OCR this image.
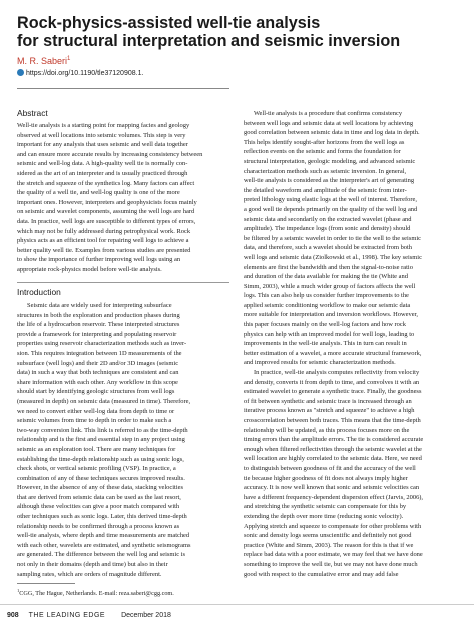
Rock-physics-assisted well-tie analysis
for structural interpretation and seismic inversion
M. R. Saberi$^1$
https://doi.org/10.1190/tle37120908.1.
Abstract
Well-tie analysis is a starting point for mapping facies and geology
observed at well locations into seismic volumes. This step is very
important for any analysis that uses seismic and well data together
and can ensure more accurate results by increasing consistency between
seismic and well-log data. A high-quality well tie is normally con-
sidered as the art of an interpreter and is usually practiced through
the stretch and squeeze of the synthetics log. Many factors can affect
the quality of a well tie, and well-log quality is one of the more
important ones. However, interpreters and geophysicists focus mainly
on seismic and wavelet components, assuming the well logs are hard
data. In practice, well logs are susceptible to different types of errors,
which may not be fully addressed during petrophysical work. Rock
physics acts as an efficient tool for repairing well logs to achieve a
better quality well tie. Examples from various studies are presented
to show the importance of further improving well logs using an
appropriate rock-physics model before well-tie analysis.
Introduction
Seismic data are widely used for interpreting subsurface
structures in both the exploration and production phases during
the life of a hydrocarbon reservoir. These interpreted structures
provide a framework for interpreting and populating reservoir
properties using reservoir characterization methods such as inver-
sion. This requires integration between 1D measurements of the
subsurface (well logs) and their 2D and/or 3D images (seismic
data) in such a way that both techniques are consistent and can
share information with each other. Any workflow in this scope
should start by identifying geologic structures from well logs
(measured in depth) on seismic data (measured in time). Therefore,
we need to convert either well-log data from depth to time or
seismic volumes from time to depth in order to make such a
two-way conversion link. This link is referred to as the time-depth
relationship and is the first and essential step in any project using
seismic as an exploration tool. There are many techniques for
establishing the time-depth relationship such as using sonic logs,
check shots, or vertical seismic profiling (VSP). In practice, a
combination of any of these techniques secures improved results.
However, in the absence of any of these data, stacking velocities
that are derived from seismic data can be used as the last resort,
although these velocities can give a poor match compared with
other techniques such as sonic logs. Later, this derived time-depth
relationship needs to be confirmed through a process known as
well-tie analysis, where depth and time measurements are matched
with each other, wavelets are estimated, and synthetic seismograms
are generated. The difference between the well log and seismic is
not only in their domains (depth and time) but also in their
sampling rates, which are orders of magnitude different.
Well-tie analysis is a procedure that confirms consistency
between well logs and seismic data at well locations by achieving
good correlation between seismic data in time and log data in depth.
This helps identify sought-after horizons from the well logs as
reflection events on the seismic and forms the foundation for
structural interpretation, geologic modeling, and advanced seismic
characterization methods such as seismic inversion. In general,
well-tie analysis is considered as the interpreter's art of generating
the detailed waveform and amplitude of the seismic from inter-
preted lithology using elastic logs at the well of interest. Therefore,
a good well tie depends primarily on the quality of the well log and
seismic data and secondarily on the extracted wavelet (phase and
amplitude). The impedance logs (from sonic and density) should
be filtered by a seismic wavelet in order to tie the well to the seismic
data, and therefore, such a wavelet should be extracted from both
well logs and seismic data (Ziolkowski et al., 1998). The key seismic
elements are first the bandwidth and then the signal-to-noise ratio
and duration of the data available for making the tie (White and
Simm, 2003), while a much wider group of factors affects the well
logs. This can also help us consider further improvements to the
applied seismic conditioning workflow to make our seismic data
more suitable for interpretation and inversion workflows. However,
this paper focuses mainly on the well-log factors and how rock
physics can help with an improved model for well logs, leading to
improvements in the well-tie analysis. This in turn can result in
better estimation of a wavelet, a more accurate structural framework,
and improved results for seismic characterization methods.
In practice, well-tie analysis computes reflectivity from velocity
and density, converts it from depth to time, and convolves it with an
estimated wavelet to generate a synthetic trace. Finally, the goodness
of fit between synthetic and seismic trace is increased through an
iterative process known as "stretch and squeeze" to achieve a high
crosscorrelation between both traces. This means that the time-depth
relationship will be updated, as this process focuses more on the
timing errors than the amplitude errors. The tie is considered accurate
enough when filtered reflectivities through the seismic wavelet at the
well location are highly correlated to the seismic data. Here, we need
to distinguish between goodness of fit and the accuracy of the well
tie because higher goodness of fit does not always imply higher
accuracy. It is now well known that sonic and seismic velocities can
have a different frequency-dependent dispersion effect (Jarvis, 2006),
and stretching the synthetic seismic can compensate for this by
extending the depth over more time (reducing sonic velocity).
Applying stretch and squeeze to compensate for other problems with
sonic and density logs seems unscientific and definitely not good
practice (White and Simm, 2003). The reason for this is that if we
replace bad data with a poor estimate, we may feel that we have done
something to improve the well tie, but we may not have done much
good with respect to the cumulative error and may add false
$^1$CGG, The Hague, Netherlands. E-mail: reza.saberi@cgg.com.
908 THE LEADING EDGE December 2018
